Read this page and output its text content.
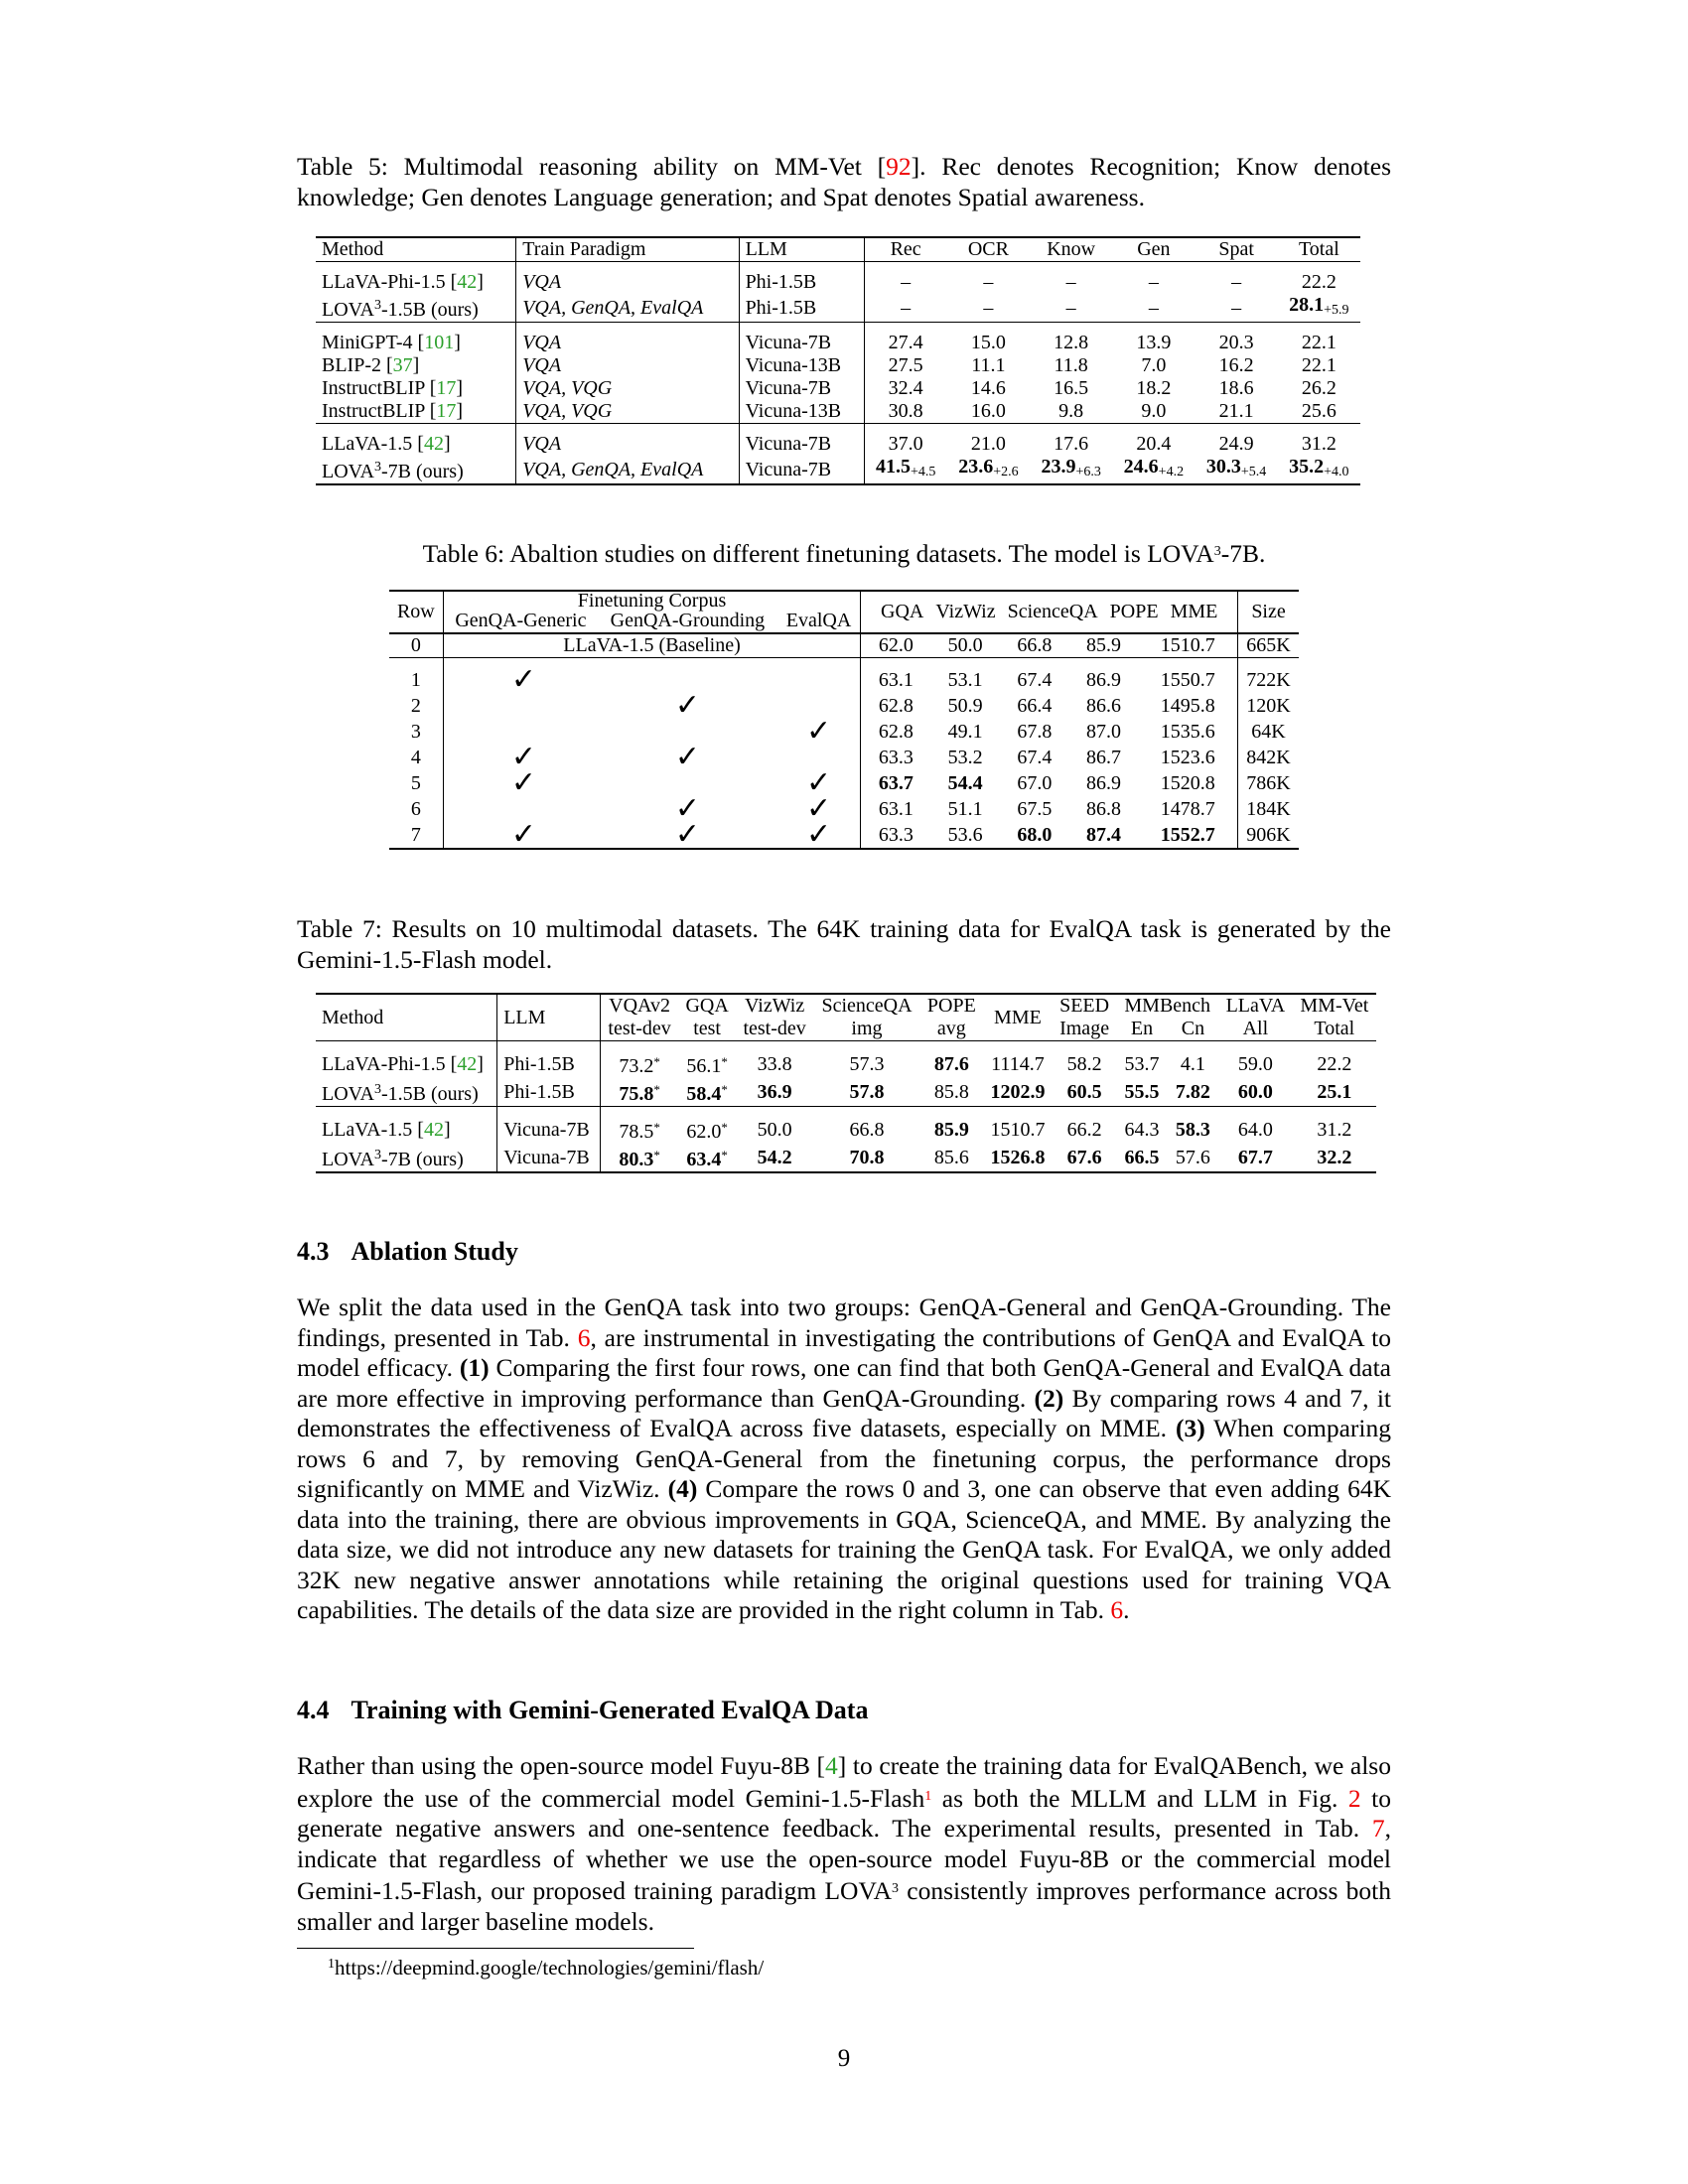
Table 5: Multimodal reasoning ability on MM-Vet [92]. Rec denotes Recognition; Know denotes knowledge; Gen denotes Language generation; and Spat denotes Spatial awareness.
Method	Train Paradigm	LLM	Rec	OCR	Know	Gen	Spat	Total
LLaVA-Phi-1.5 [42]	VQA	Phi-1.5B	–	–	–	–	–	22.2
LOVA$^3$-1.5B (ours)	VQA, GenQA, EvalQA	Phi-1.5B	–	–	–	–	–	$28.1_{+5.9}$
MiniGPT-4 [101]	VQA	Vicuna-7B	27.4	15.0	12.8	13.9	20.3	22.1
BLIP-2 [37]	VQA	Vicuna-13B	27.5	11.1	11.8	7.0	16.2	22.1
InstructBLIP [17]	VQA, VQG	Vicuna-7B	32.4	14.6	16.5	18.2	18.6	26.2
InstructBLIP [17]	VQA, VQG	Vicuna-13B	30.8	16.0	9.8	9.0	21.1	25.6
LLaVA-1.5 [42]	VQA	Vicuna-7B	37.0	21.0	17.6	20.4	24.9	31.2
LOVA$^3$-7B (ours)	VQA, GenQA, EvalQA	Vicuna-7B	$41.5_{+4.5}$	$23.6_{+2.6}$	$23.9_{+6.3}$	$24.6_{+4.2}$	$30.3_{+5.4}$	$35.2_{+4.0}$
Table 6: Abaltion studies on different finetuning datasets. The model is LOVA$^3$-7B.
Row	Finetuning Corpus			GQA VizWiz ScienceQA POPE MME					Size
	GenQA-Generic	GenQA-Grounding	EvalQA						
0	LLaVA-1.5 (Baseline)			62.0	50.0	66.8	85.9	1510.7	665K
1	✓			63.1	53.1	67.4	86.9	1550.7	722K
2		✓		62.8	50.9	66.4	86.6	1495.8	120K
3			✓	62.8	49.1	67.8	87.0	1535.6	64K
4	✓	✓		63.3	53.2	67.4	86.7	1523.6	842K
5	✓		✓	63.7	54.4	67.0	86.9	1520.8	786K
6		✓	✓	63.1	51.1	67.5	86.8	1478.7	184K
7	✓	✓	✓	63.3	53.6	68.0	87.4	1552.7	906K
Table 7: Results on 10 multimodal datasets. The 64K training data for EvalQA task is generated by the Gemini-1.5-Flash model.
Method	LLM	VQAv2	GQA	VizWiz	ScienceQA	POPE	MME	SEED	MMBench		LLaVA	MM-Vet
		test-dev	test	test-dev	img	avg		Image	En	Cn	All	Total
LLaVA-Phi-1.5 [42]	Phi-1.5B	73.2*	56.1*	33.8	57.3	87.6	1114.7	58.2	53.7	4.1	59.0	22.2
LOVA$^3$-1.5B (ours)	Phi-1.5B	75.8*	58.4*	36.9	57.8	85.8	1202.9	60.5	55.5	7.82	60.0	25.1
LLaVA-1.5 [42]	Vicuna-7B	78.5*	62.0*	50.0	66.8	85.9	1510.7	66.2	64.3	58.3	64.0	31.2
LOVA$^3$-7B (ours)	Vicuna-7B	80.3*	63.4*	54.2	70.8	85.6	1526.8	67.6	66.5	57.6	67.7	32.2
4.3 Ablation Study
We split the data used in the GenQA task into two groups: GenQA-General and GenQA-Grounding. The findings, presented in Tab. 6, are instrumental in investigating the contributions of GenQA and EvalQA to model efficacy. (1) Comparing the first four rows, one can find that both GenQA-General and EvalQA data are more effective in improving performance than GenQA-Grounding. (2) By comparing rows 4 and 7, it demonstrates the effectiveness of EvalQA across five datasets, especially on MME. (3) When comparing rows 6 and 7, by removing GenQA-General from the finetuning corpus, the performance drops significantly on MME and VizWiz. (4) Compare the rows 0 and 3, one can observe that even adding 64K data into the training, there are obvious improvements in GQA, ScienceQA, and MME. By analyzing the data size, we did not introduce any new datasets for training the GenQA task. For EvalQA, we only added 32K new negative answer annotations while retaining the original questions used for training VQA capabilities. The details of the data size are provided in the right column in Tab. 6.
4.4 Training with Gemini-Generated EvalQA Data
Rather than using the open-source model Fuyu-8B [4] to create the training data for EvalQABench, we also explore the use of the commercial model Gemini-1.5-Flash$^1$ as both the MLLM and LLM in Fig. 2 to generate negative answers and one-sentence feedback. The experimental results, presented in Tab. 7, indicate that regardless of whether we use the open-source model Fuyu-8B or the commercial model Gemini-1.5-Flash, our proposed training paradigm LOVA$^3$ consistently improves performance across both smaller and larger baseline models.
$^1$https://deepmind.google/technologies/gemini/flash/
9
